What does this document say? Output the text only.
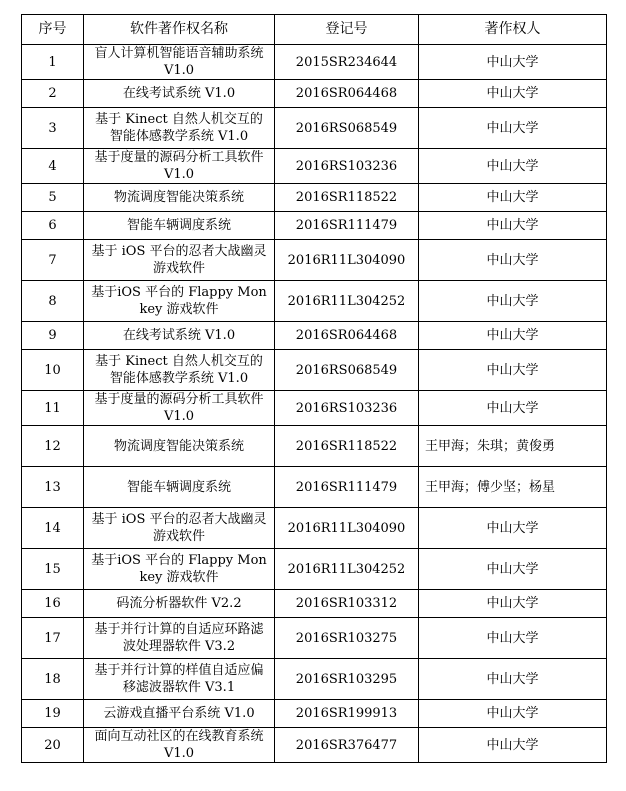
序号	软件著作权名称	登记号	著作权人
1	盲人计算机智能语音辅助系统 V1.0	2015SR234644	中山大学
2	在线考试系统 V1.0	2016SR064468	中山大学
3	基于 Kinect 自然人机交互的智能体感教学系统 V1.0	2016RS068549	中山大学
4	基于度量的源码分析工具软件 V1.0	2016RS103236	中山大学
5	物流调度智能决策系统	2016SR118522	中山大学
6	智能车辆调度系统	2016SR111479	中山大学
7	基于 iOS 平台的忍者大战幽灵游戏软件	2016R11L304090	中山大学
8	基于iOS 平台的 Flappy Monkey 游戏软件	2016R11L304252	中山大学
9	在线考试系统 V1.0	2016SR064468	中山大学
10	基于 Kinect 自然人机交互的智能体感教学系统 V1.0	2016RS068549	中山大学
11	基于度量的源码分析工具软件 V1.0	2016RS103236	中山大学
12	物流调度智能决策系统	2016SR118522	王甲海；朱琪；黄俊勇
13	智能车辆调度系统	2016SR111479	王甲海；傅少坚；杨星
14	基于 iOS 平台的忍者大战幽灵游戏软件	2016R11L304090	中山大学
15	基于iOS 平台的 Flappy Monkey 游戏软件	2016R11L304252	中山大学
16	码流分析器软件 V2.2	2016SR103312	中山大学
17	基于并行计算的自适应环路滤波处理器软件 V3.2	2016SR103275	中山大学
18	基于并行计算的样值自适应偏移滤波器软件 V3.1	2016SR103295	中山大学
19	云游戏直播平台系统 V1.0	2016SR199913	中山大学
20	面向互动社区的在线教育系统 V1.0	2016SR376477	中山大学
